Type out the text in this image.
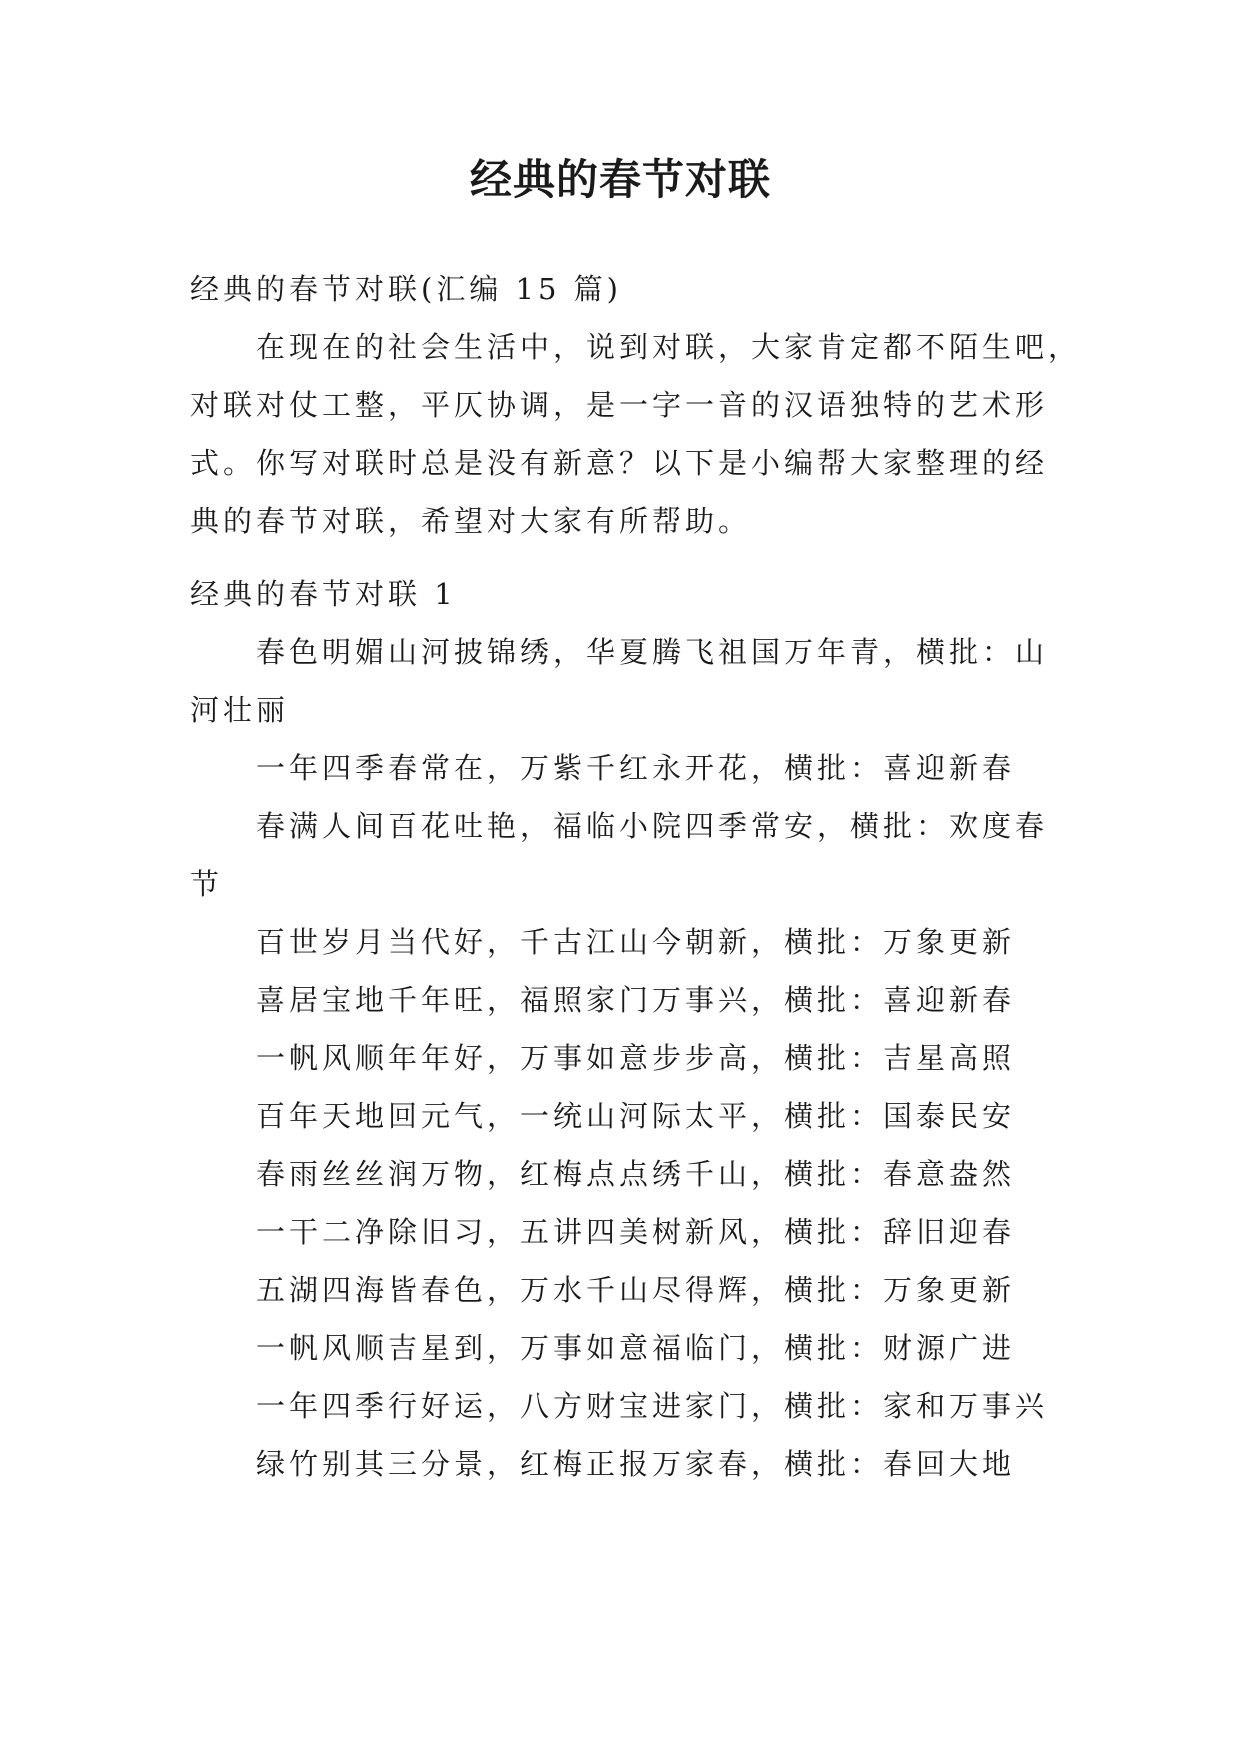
经典的春节对联
经典的春节对联(汇编 15 篇)
在现在的社会生活中，说到对联，大家肯定都不陌生吧，
对联对仗工整，平仄协调，是一字一音的汉语独特的艺术形
式。你写对联时总是没有新意？以下是小编帮大家整理的经
典的春节对联，希望对大家有所帮助。
经典的春节对联 1
春色明媚山河披锦绣，华夏腾飞祖国万年青，横批：山
河壮丽
一年四季春常在，万紫千红永开花，横批：喜迎新春
春满人间百花吐艳，福临小院四季常安，横批：欢度春
节
百世岁月当代好，千古江山今朝新，横批：万象更新
喜居宝地千年旺，福照家门万事兴，横批：喜迎新春
一帆风顺年年好，万事如意步步高，横批：吉星高照
百年天地回元气，一统山河际太平，横批：国泰民安
春雨丝丝润万物，红梅点点绣千山，横批：春意盎然
一干二净除旧习，五讲四美树新风，横批：辞旧迎春
五湖四海皆春色，万水千山尽得辉，横批：万象更新
一帆风顺吉星到，万事如意福临门，横批：财源广进
一年四季行好运，八方财宝进家门，横批：家和万事兴
绿竹别其三分景，红梅正报万家春，横批：春回大地
